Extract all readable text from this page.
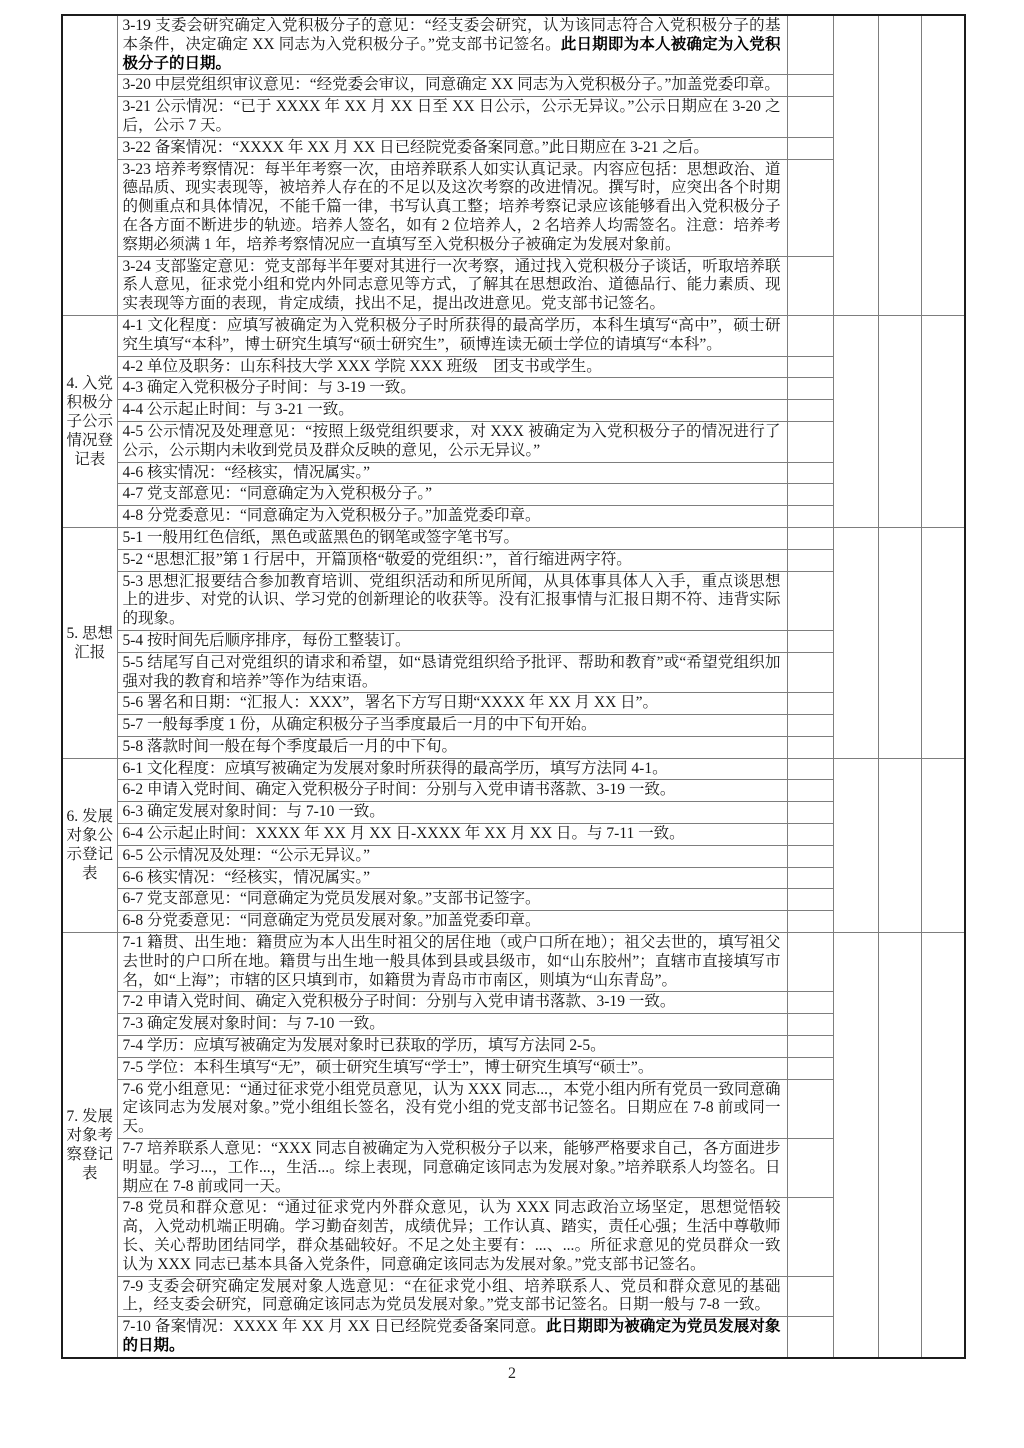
	3-19 支委会研究确定入党积极分子的意见：“经支委会研究，认为该同志符合入党积极分子的基本条件，决定确定 XX 同志为入党积极分子。”党支部书记签名。此日期即为本人被确定为入党积极分子的日期。				
	3-20 中层党组织审议意见：“经党委会审议，同意确定 XX 同志为入党积极分子。”加盖党委印章。				
	3-21 公示情况：“已于 XXXX 年 XX 月 XX 日至 XX 日公示，公示无异议。”公示日期应在 3-20 之后，公示 7 天。				
	3-22 备案情况：“XXXX 年 XX 月 XX 日已经院党委备案同意。”此日期应在 3-21 之后。				
	3-23 培养考察情况：每半年考察一次，由培养联系人如实认真记录。内容应包括：思想政治、道德品质、现实表现等，被培养人存在的不足以及这次考察的改进情况。撰写时，应突出各个时期的侧重点和具体情况，不能千篇一律，书写认真工整；培养考察记录应该能够看出入党积极分子在各方面不断进步的轨迹。培养人签名，如有 2 位培养人，2 名培养人均需签名。注意：培养考察期必须满 1 年，培养考察情况应一直填写至入党积极分子被确定为发展对象前。				
	3-24 支部鉴定意见：党支部每半年要对其进行一次考察，通过找入党积极分子谈话，听取培养联系人意见，征求党小组和党内外同志意见等方式，了解其在思想政治、道德品行、能力素质、现实表现等方面的表现，肯定成绩，找出不足，提出改进意见。党支部书记签名。				
4. 入党积极分子公示情况登记表	4-1 文化程度：应填写被确定为入党积极分子时所获得的最高学历，本科生填写“高中”，硕士研究生填写“本科”，博士研究生填写“硕士研究生”，硕博连读无硕士学位的请填写“本科”。				
	4-2 单位及职务：山东科技大学 XXX 学院 XXX 班级　团支书或学生。				
	4-3 确定入党积极分子时间：与 3-19 一致。				
	4-4 公示起止时间：与 3-21 一致。				
	4-5 公示情况及处理意见：“按照上级党组织要求，对 XXX 被确定为入党积极分子的情况进行了公示，公示期内未收到党员及群众反映的意见，公示无异议。”				
	4-6 核实情况：“经核实，情况属实。”				
	4-7 党支部意见：“同意确定为入党积极分子。”				
	4-8 分党委意见：“同意确定为入党积极分子。”加盖党委印章。				
5. 思想汇报	5-1 一般用红色信纸，黑色或蓝黑色的钢笔或签字笔书写。				
	5-2 “思想汇报”第 1 行居中，开篇顶格“敬爱的党组织：”，首行缩进两字符。				
	5-3 思想汇报要结合参加教育培训、党组织活动和所见所闻，从具体事具体人入手，重点谈思想上的进步、对党的认识、学习党的创新理论的收获等。没有汇报事情与汇报日期不符、违背实际的现象。				
	5-4 按时间先后顺序排序，每份工整装订。				
	5-5 结尾写自己对党组织的请求和希望，如“恳请党组织给予批评、帮助和教育”或“希望党组织加强对我的教育和培养”等作为结束语。				
	5-6 署名和日期：“汇报人：XXX”，署名下方写日期“XXXX 年 XX 月 XX 日”。				
	5-7 一般每季度 1 份，从确定积极分子当季度最后一月的中下旬开始。				
	5-8 落款时间一般在每个季度最后一月的中下旬。				
6. 发展对象公示登记表	6-1 文化程度：应填写被确定为发展对象时所获得的最高学历，填写方法同 4-1。				
	6-2 申请入党时间、确定入党积极分子时间：分别与入党申请书落款、3-19 一致。				
	6-3 确定发展对象时间：与 7-10 一致。				
	6-4 公示起止时间：XXXX 年 XX 月 XX 日-XXXX 年 XX 月 XX 日。与 7-11 一致。				
	6-5 公示情况及处理：“公示无异议。”				
	6-6 核实情况：“经核实，情况属实。”				
	6-7 党支部意见：“同意确定为党员发展对象。”支部书记签字。				
	6-8 分党委意见：“同意确定为党员发展对象。”加盖党委印章。				
7. 发展对象考察登记表	7-1 籍贯、出生地：籍贯应为本人出生时祖父的居住地（或户口所在地）；祖父去世的，填写祖父去世时的户口所在地。籍贯与出生地一般具体到县或县级市，如“山东胶州”；直辖市直接填写市名，如“上海”；市辖的区只填到市，如籍贯为青岛市市南区，则填为“山东青岛”。				
	7-2 申请入党时间、确定入党积极分子时间：分别与入党申请书落款、3-19 一致。				
	7-3 确定发展对象时间：与 7-10 一致。				
	7-4 学历：应填写被确定为发展对象时已获取的学历，填写方法同 2-5。				
	7-5 学位：本科生填写“无”，硕士研究生填写“学士”，博士研究生填写“硕士”。				
	7-6 党小组意见：“通过征求党小组党员意见，认为 XXX 同志...，本党小组内所有党员一致同意确定该同志为发展对象。”党小组组长签名，没有党小组的党支部书记签名。日期应在 7-8 前或同一天。				
	7-7 培养联系人意见：“XXX 同志自被确定为入党积极分子以来，能够严格要求自己，各方面进步明显。学习...，工作...，生活...。综上表现，同意确定该同志为发展对象。”培养联系人均签名。日期应在 7-8 前或同一天。				
	7-8 党员和群众意见：“通过征求党内外群众意见，认为 XXX 同志政治立场坚定，思想觉悟较高，入党动机端正明确。学习勤奋刻苦，成绩优异；工作认真、踏实，责任心强；生活中尊敬师长、关心帮助团结同学，群众基础较好。不足之处主要有：...、...。所征求意见的党员群众一致认为 XXX 同志已基本具备入党条件，同意确定该同志为发展对象。”党支部书记签名。				
	7-9 支委会研究确定发展对象人选意见：“在征求党小组、培养联系人、党员和群众意见的基础上，经支委会研究，同意确定该同志为党员发展对象。”党支部书记签名。日期一般与 7-8 一致。				
	7-10 备案情况：XXXX 年 XX 月 XX 日已经院党委备案同意。此日期即为被确定为党员发展对象的日期。				
2
